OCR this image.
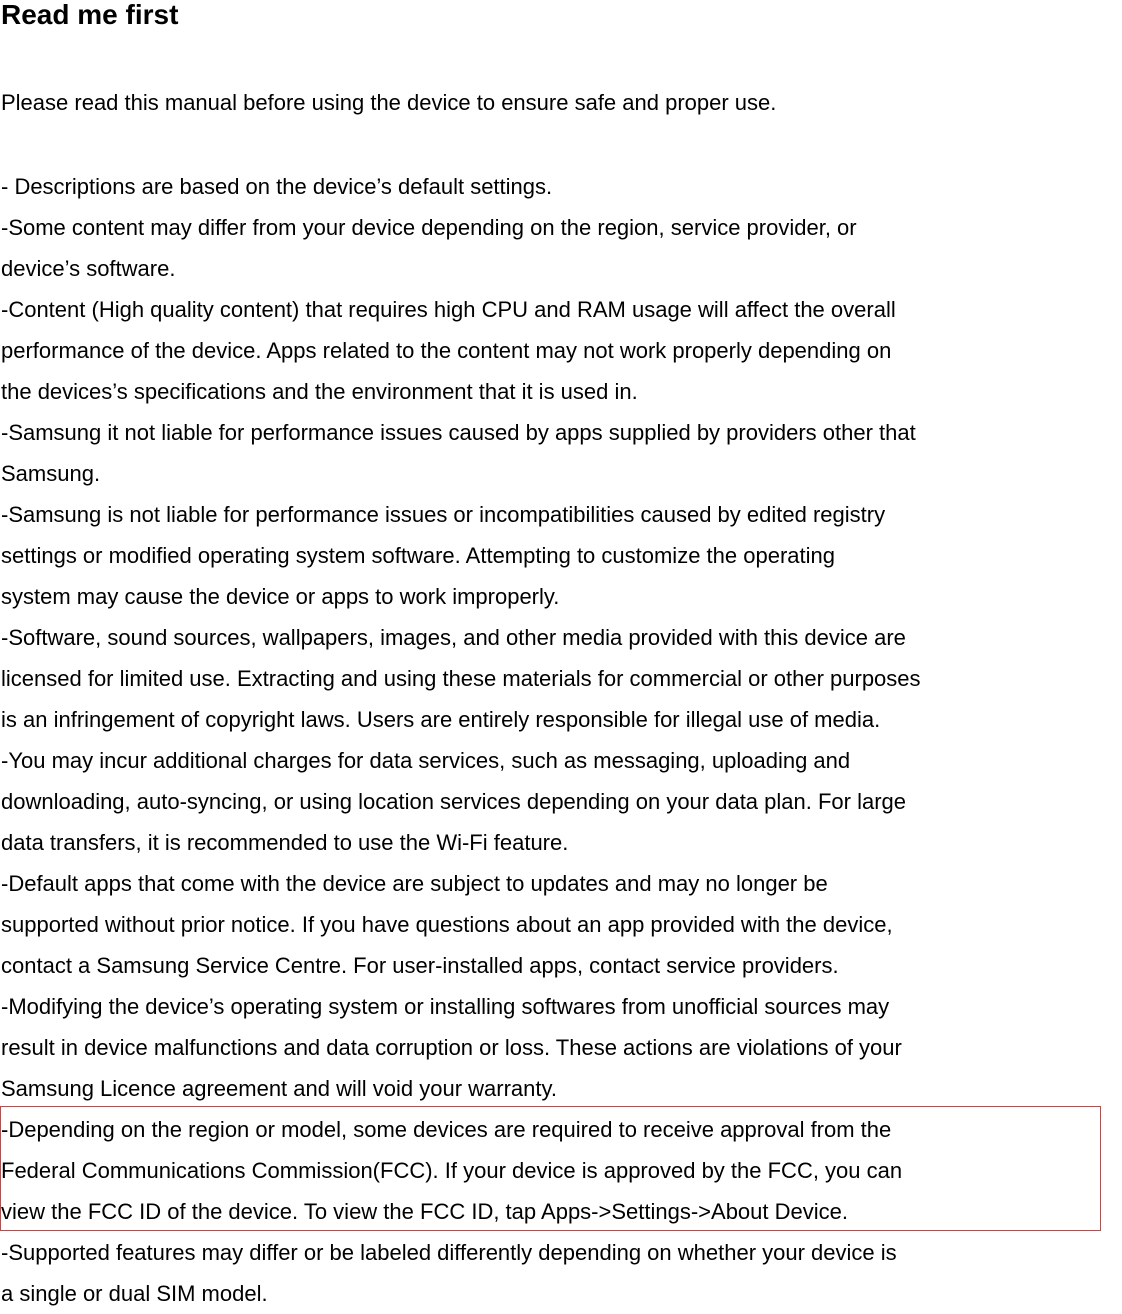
Read me first
Please read this manual before using the device to ensure safe and proper use.
- Descriptions are based on the device’s default settings.
-Some content may differ from your device depending on the region, service provider, or
device’s software.
-Content (High quality content) that requires high CPU and RAM usage will affect the overall
performance of the device. Apps related to the content may not work properly depending on
the devices’s specifications and the environment that it is used in.
-Samsung it not liable for performance issues caused by apps supplied by providers other that
Samsung.
-Samsung is not liable for performance issues or incompatibilities caused by edited registry
settings or modified operating system software. Attempting to customize the operating
system may cause the device or apps to work improperly.
-Software, sound sources, wallpapers, images, and other media provided with this device are
licensed for limited use. Extracting and using these materials for commercial or other purposes
is an infringement of copyright laws. Users are entirely responsible for illegal use of media.
-You may incur additional charges for data services, such as messaging, uploading and
downloading, auto-syncing, or using location services depending on your data plan. For large
data transfers, it is recommended to use the Wi-Fi feature.
-Default apps that come with the device are subject to updates and may no longer be
supported without prior notice. If you have questions about an app provided with the device,
contact a Samsung Service Centre. For user-installed apps, contact service providers.
-Modifying the device’s operating system or installing softwares from unofficial sources may
result in device malfunctions and data corruption or loss. These actions are violations of your
Samsung Licence agreement and will void your warranty.
-Depending on the region or model, some devices are required to receive approval from the
Federal Communications Commission(FCC). If your device is approved by the FCC, you can
view the FCC ID of the device. To view the FCC ID, tap Apps->Settings->About Device.
-Supported features may differ or be labeled differently depending on whether your device is
a single or dual SIM model.
